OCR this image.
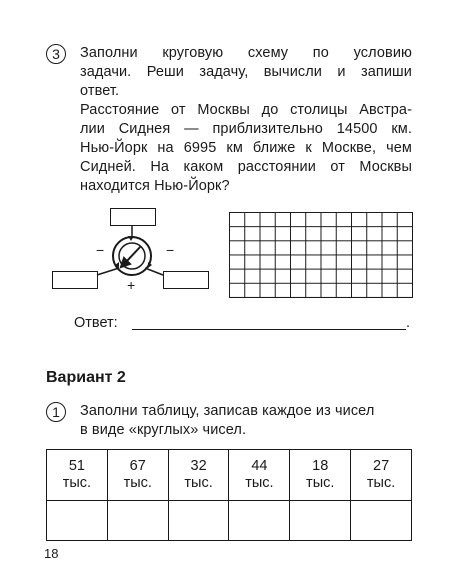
3	Заполни круговую схему по условию
задачи. Реши задачу, вычисли и запиши
ответ.
Расстояние от Москвы до столицы Австра-
лии Сиднея — приблизительно 14500 км.
Нью-Йорк на 6995 км ближе к Москве, чем
Сидней. На каком расстоянии от Москвы
находится Нью-Йорк?
−	−
+
Ответ:	.
Вариант 2
1	Заполни таблицу, записав каждое из чисел
в виде «круглых» чисел.
51
тыс.	67
тыс.	32
тыс.	44
тыс.	18
тыс.	27
тыс.

18
